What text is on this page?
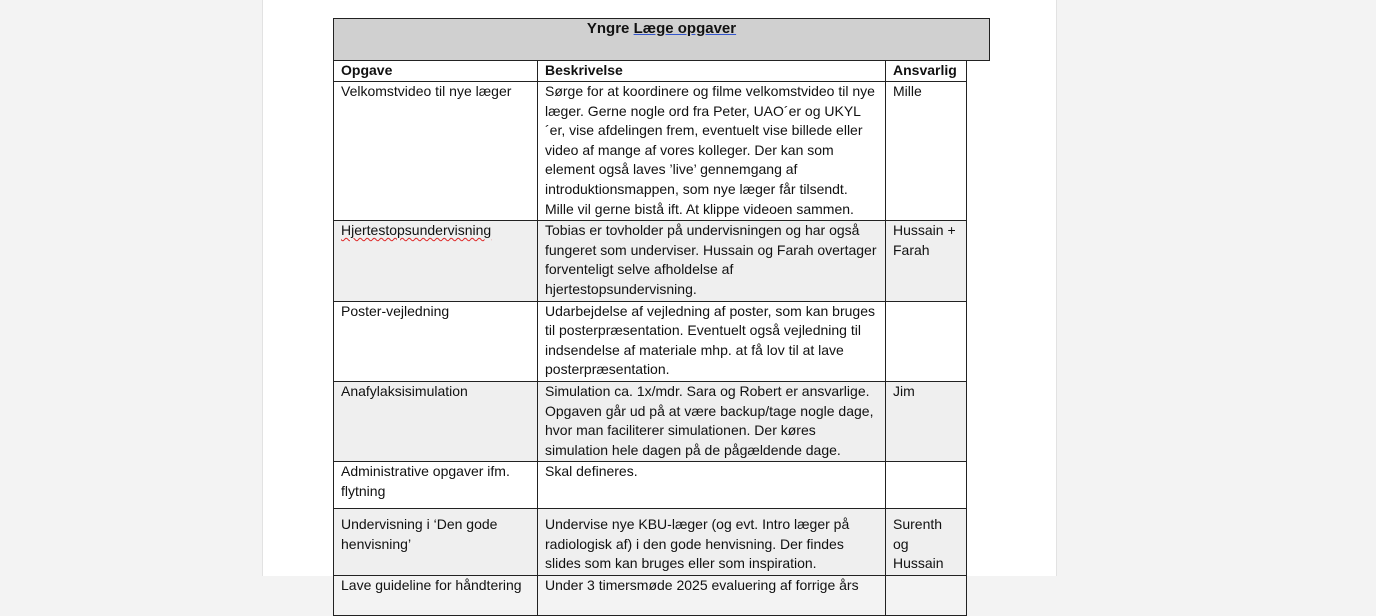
Yngre Læge opgaver
Opgave	Beskrivelse	Ansvarlig
Velkomstvideo til nye læger	Sørge for at koordinere og filme velkomstvideo til nye læger. Gerne nogle ord fra Peter, UAO´er og UKYL´er, vise afdelingen frem, eventuelt vise billede eller video af mange af vores kolleger. Der kan som element også laves ’live’ gennemgang af introduktionsmappen, som nye læger får tilsendt. Mille vil gerne bistå ift. At klippe videoen sammen.	Mille
Hjertestopsundervisning	Tobias er tovholder på undervisningen og har også fungeret som underviser. Hussain og Farah overtager forventeligt selve afholdelse af hjertestopsundervisning.	Hussain + Farah
Poster-vejledning	Udarbejdelse af vejledning af poster, som kan bruges til posterpræsentation. Eventuelt også vejledning til indsendelse af materiale mhp. at få lov til at lave posterpræsentation.	
Anafylaksisimulation	Simulation ca. 1x/mdr. Sara og Robert er ansvarlige. Opgaven går ud på at være backup/tage nogle dage, hvor man faciliterer simulationen. Der køres simulation hele dagen på de pågældende dage.	Jim
Administrative opgaver ifm. flytning	Skal defineres.	
Undervisning i ‘Den gode henvisning’	Undervise nye KBU-læger (og evt. Intro læger på radiologisk af) i den gode henvisning. Der findes slides som kan bruges eller som inspiration.	Surenth og Hussain
Lave guideline for håndtering	Under 3 timersmøde 2025 evaluering af forrige års	
